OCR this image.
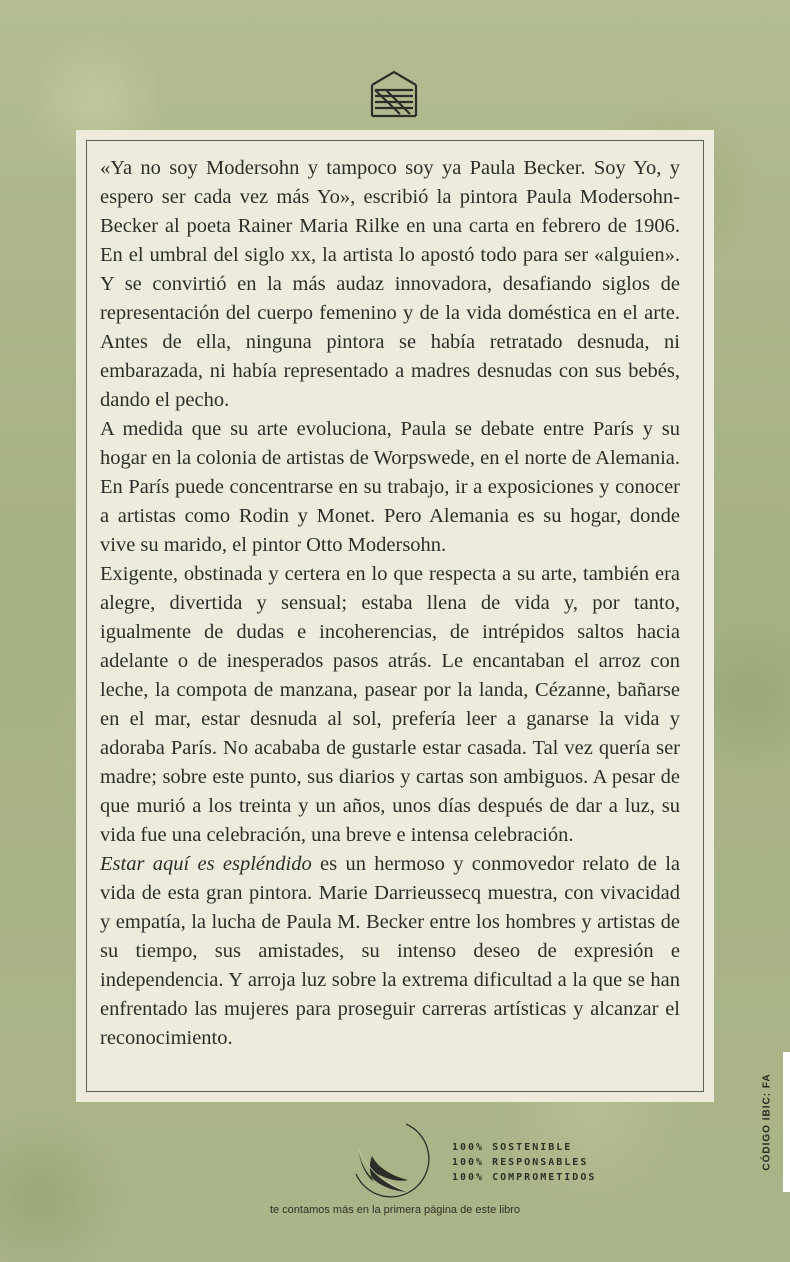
«Ya no soy Modersohn y tampoco soy ya Paula Becker. Soy Yo, y espero ser cada vez más Yo», escribió la pintora Paula Modersohn-Becker al poeta Rainer Maria Rilke en una carta en febrero de 1906. En el umbral del siglo xx, la artista lo apostó todo para ser «alguien». Y se convirtió en la más audaz innovadora, desafiando siglos de representación del cuerpo femenino y de la vida doméstica en el arte. Antes de ella, ninguna pintora se había retratado desnuda, ni embarazada, ni había representado a madres desnudas con sus bebés, dando el pecho.

A medida que su arte evoluciona, Paula se debate entre París y su hogar en la colonia de artistas de Worpswede, en el norte de Alemania. En París puede concentrarse en su trabajo, ir a exposiciones y conocer a artistas como Rodin y Monet. Pero Alemania es su hogar, donde vive su marido, el pintor Otto Modersohn.

Exigente, obstinada y certera en lo que respecta a su arte, también era alegre, divertida y sensual; estaba llena de vida y, por tanto, igualmente de dudas e incoherencias, de intrépidos saltos hacia adelante o de inesperados pasos atrás. Le encantaban el arroz con leche, la compota de manzana, pasear por la landa, Cézanne, bañarse en el mar, estar desnuda al sol, prefería leer a ganarse la vida y adoraba París. No acababa de gustarle estar casada. Tal vez quería ser madre; sobre este punto, sus diarios y cartas son ambiguos. A pesar de que murió a los treinta y un años, unos días después de dar a luz, su vida fue una celebración, una breve e intensa celebración.

Estar aquí es espléndido es un hermoso y conmovedor relato de la vida de esta gran pintora. Marie Darrieussecq muestra, con vivacidad y empatía, la lucha de Paula M. Becker entre los hombres y artistas de su tiempo, sus amistades, su intenso deseo de expresión e independencia. Y arroja luz sobre la extrema dificultad a la que se han enfrentado las mujeres para proseguir carreras artísticas y alcanzar el reconocimiento.

100% SOSTENIBLE
100% RESPONSABLES
100% COMPROMETIDOS
te contamos más en la primera página de este libro
CÓDIGO IBIC: FA
